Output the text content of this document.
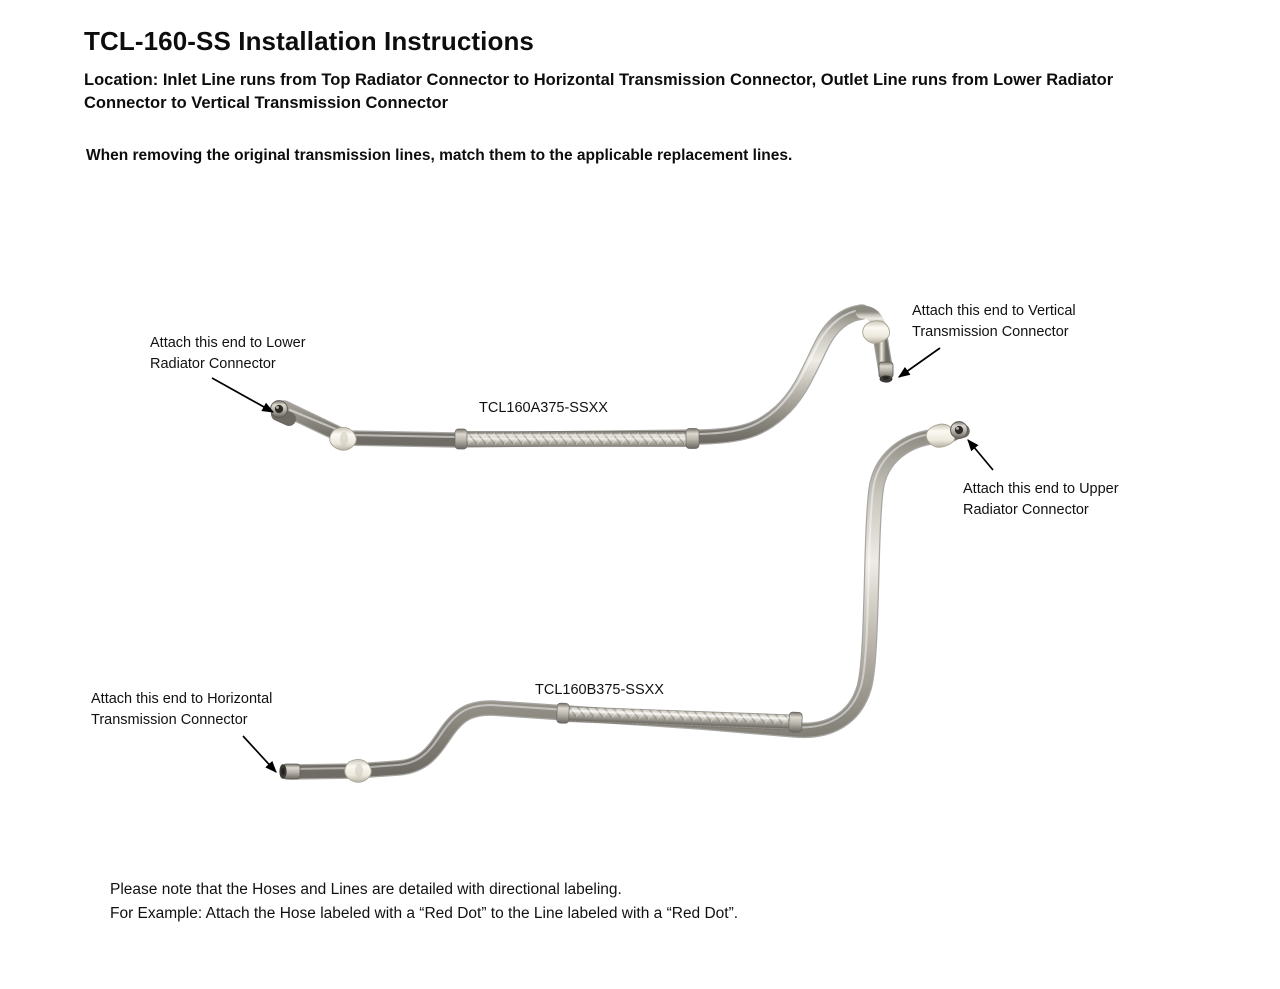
TCL-160-SS Installation Instructions
Location: Inlet Line runs from Top Radiator Connector to Horizontal Transmission Connector, Outlet Line runs from Lower Radiator Connector to Vertical Transmission Connector
When removing the original transmission lines, match them to the applicable replacement lines.
Attach this end to Lower
Radiator Connector
Attach this end to Vertical
Transmission Connector
Attach this end to Upper
Radiator Connector
Attach this end to Horizontal
Transmission Connector
TCL160A375-SSXX
TCL160B375-SSXX
Please note that the Hoses and Lines are detailed with directional labeling.
For Example: Attach the Hose labeled with a “Red Dot” to the Line labeled with a “Red Dot”.
